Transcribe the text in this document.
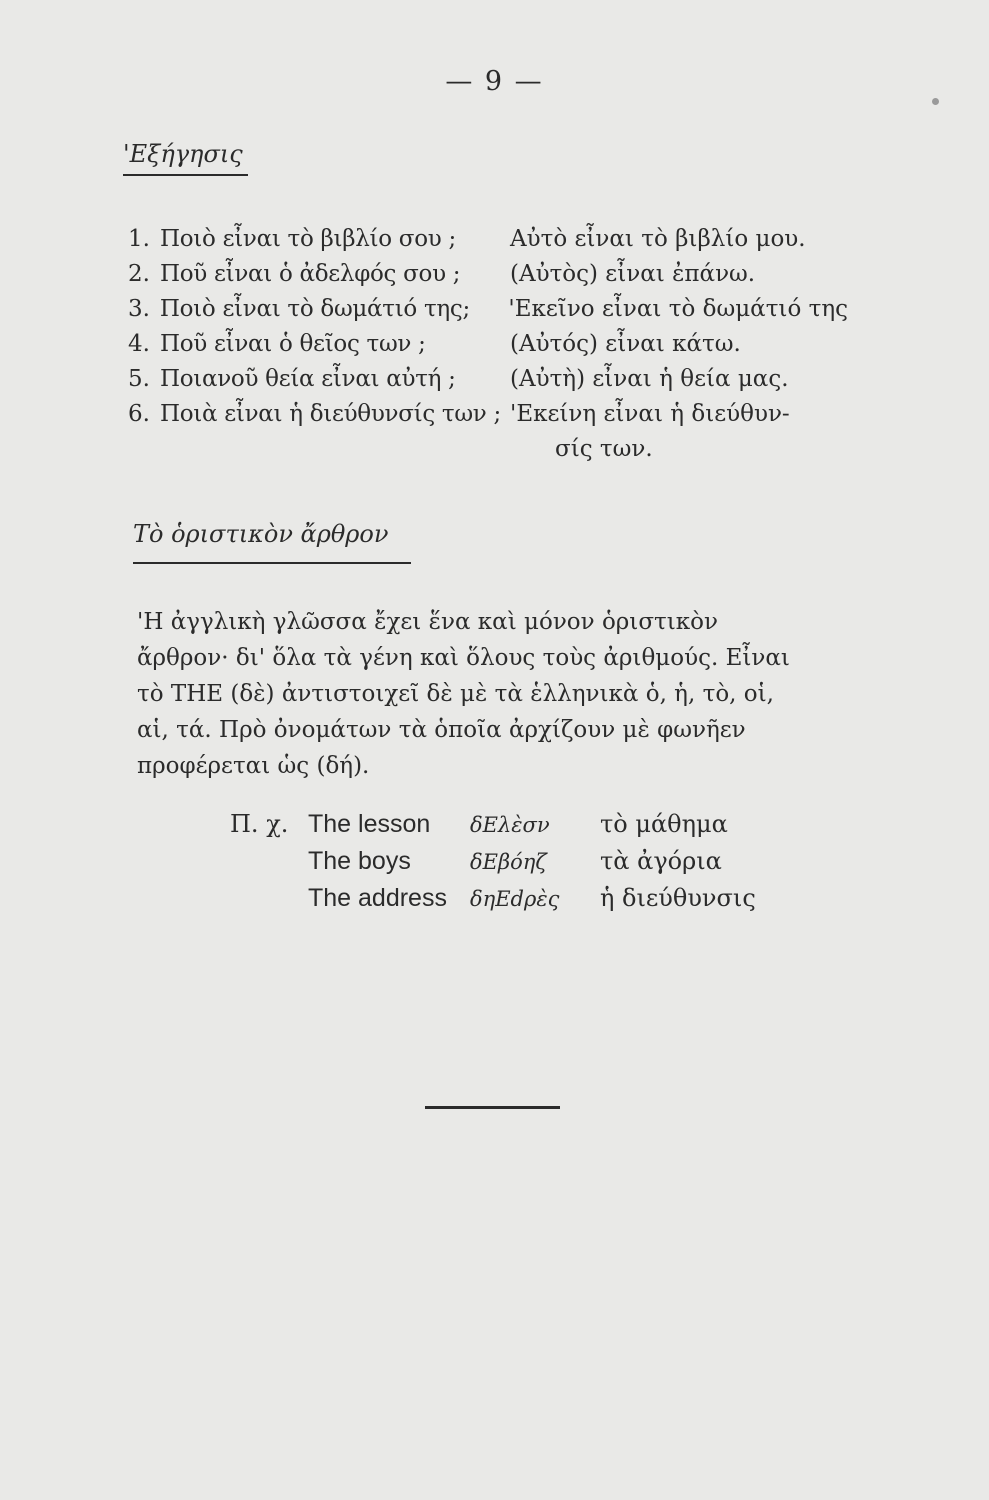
— 9 —
'Εξήγησις
1. Ποιὸ εἶναι τὸ βιβλίο σου ;	Αὐτὸ εἶναι τὸ βιβλίο μου.
2. Ποῦ εἶναι ὁ ἀδελφός σου ;	(Αὐτὸς) εἶναι ἐπάνω.
3. Ποιὸ εἶναι τὸ δωμάτιό της;	'Εκεῖνο εἶναι τὸ δωμάτιό της
4. Ποῦ εἶναι ὁ θεῖος των ;	(Αὐτός) εἶναι κάτω.
5. Ποιανοῦ θεία εἶναι αὐτή ;	(Αὐτὴ) εἶναι ἡ θεία μας.
6. Ποιὰ εἶναι ἡ διεύθυνσίς των ; 'Εκείνη εἶναι ἡ διεύθυν-
σίς των.
Τὸ ὁριστικὸν ἄρθρον

'Η ἀγγλικὴ γλῶσσα ἔχει ἕνα καὶ μόνον ὁριστικὸν
ἄρθρον· δι' ὅλα τὰ γένη καὶ ὅλους τοὺς ἀριθμούς. Εἶναι
τὸ THE (δὲ) ἀντιστοιχεῖ δὲ μὲ τὰ ἑλληνικὰ ὁ, ἡ, τὸ, οἱ,
αἱ, τά. Πρὸ ὀνομάτων τὰ ὁποῖα ἀρχίζουν μὲ φωνῆεν
προφέρεται ὡς (δή).

Π. χ. The lesson	δΕλὲσν	τὸ μάθημα
The boys	δΕβόηζ	τὰ ἀγόρια
The address	δηΕdρὲς	ἡ διεύθυνσις
